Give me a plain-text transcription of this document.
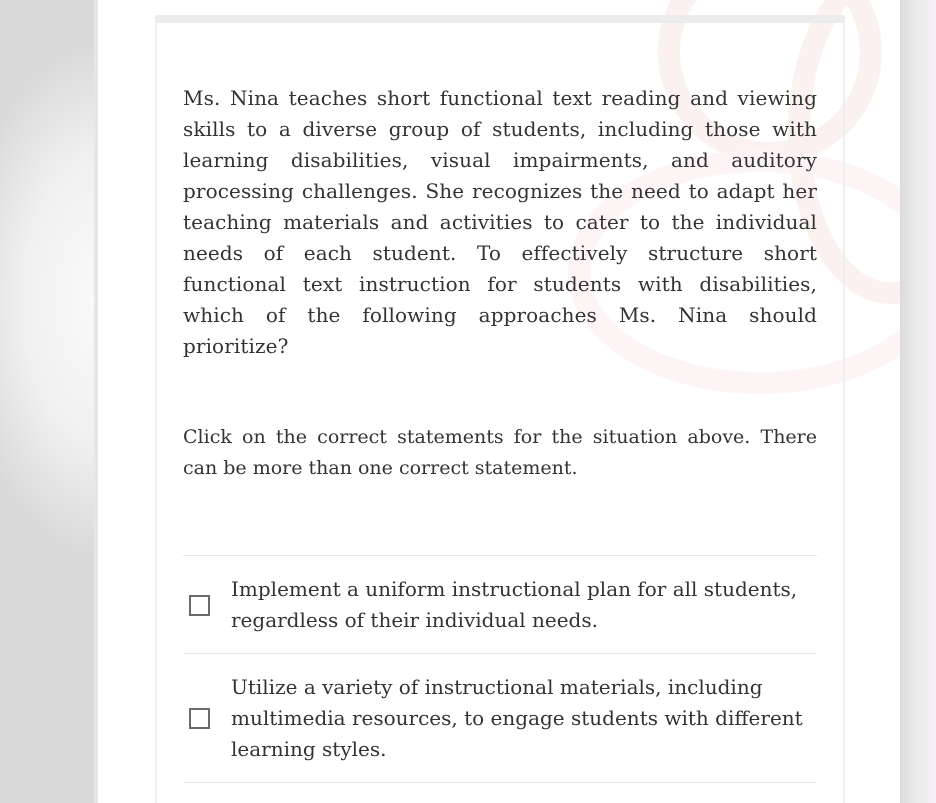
Ms. Nina teaches short functional text reading and viewing skills to a diverse group of students, including those with learning disabilities, visual impairments, and auditory processing challenges. She recognizes the need to adapt her teaching materials and activities to cater to the individual needs of each student. To effectively structure short functional text instruction for students with disabilities, which of the following approaches Ms. Nina should prioritize?
Click on the correct statements for the situation above. There can be more than one correct statement.
Implement a uniform instructional plan for all students, regardless of their individual needs.
Utilize a variety of instructional materials, including multimedia resources, to engage students with different learning styles.
